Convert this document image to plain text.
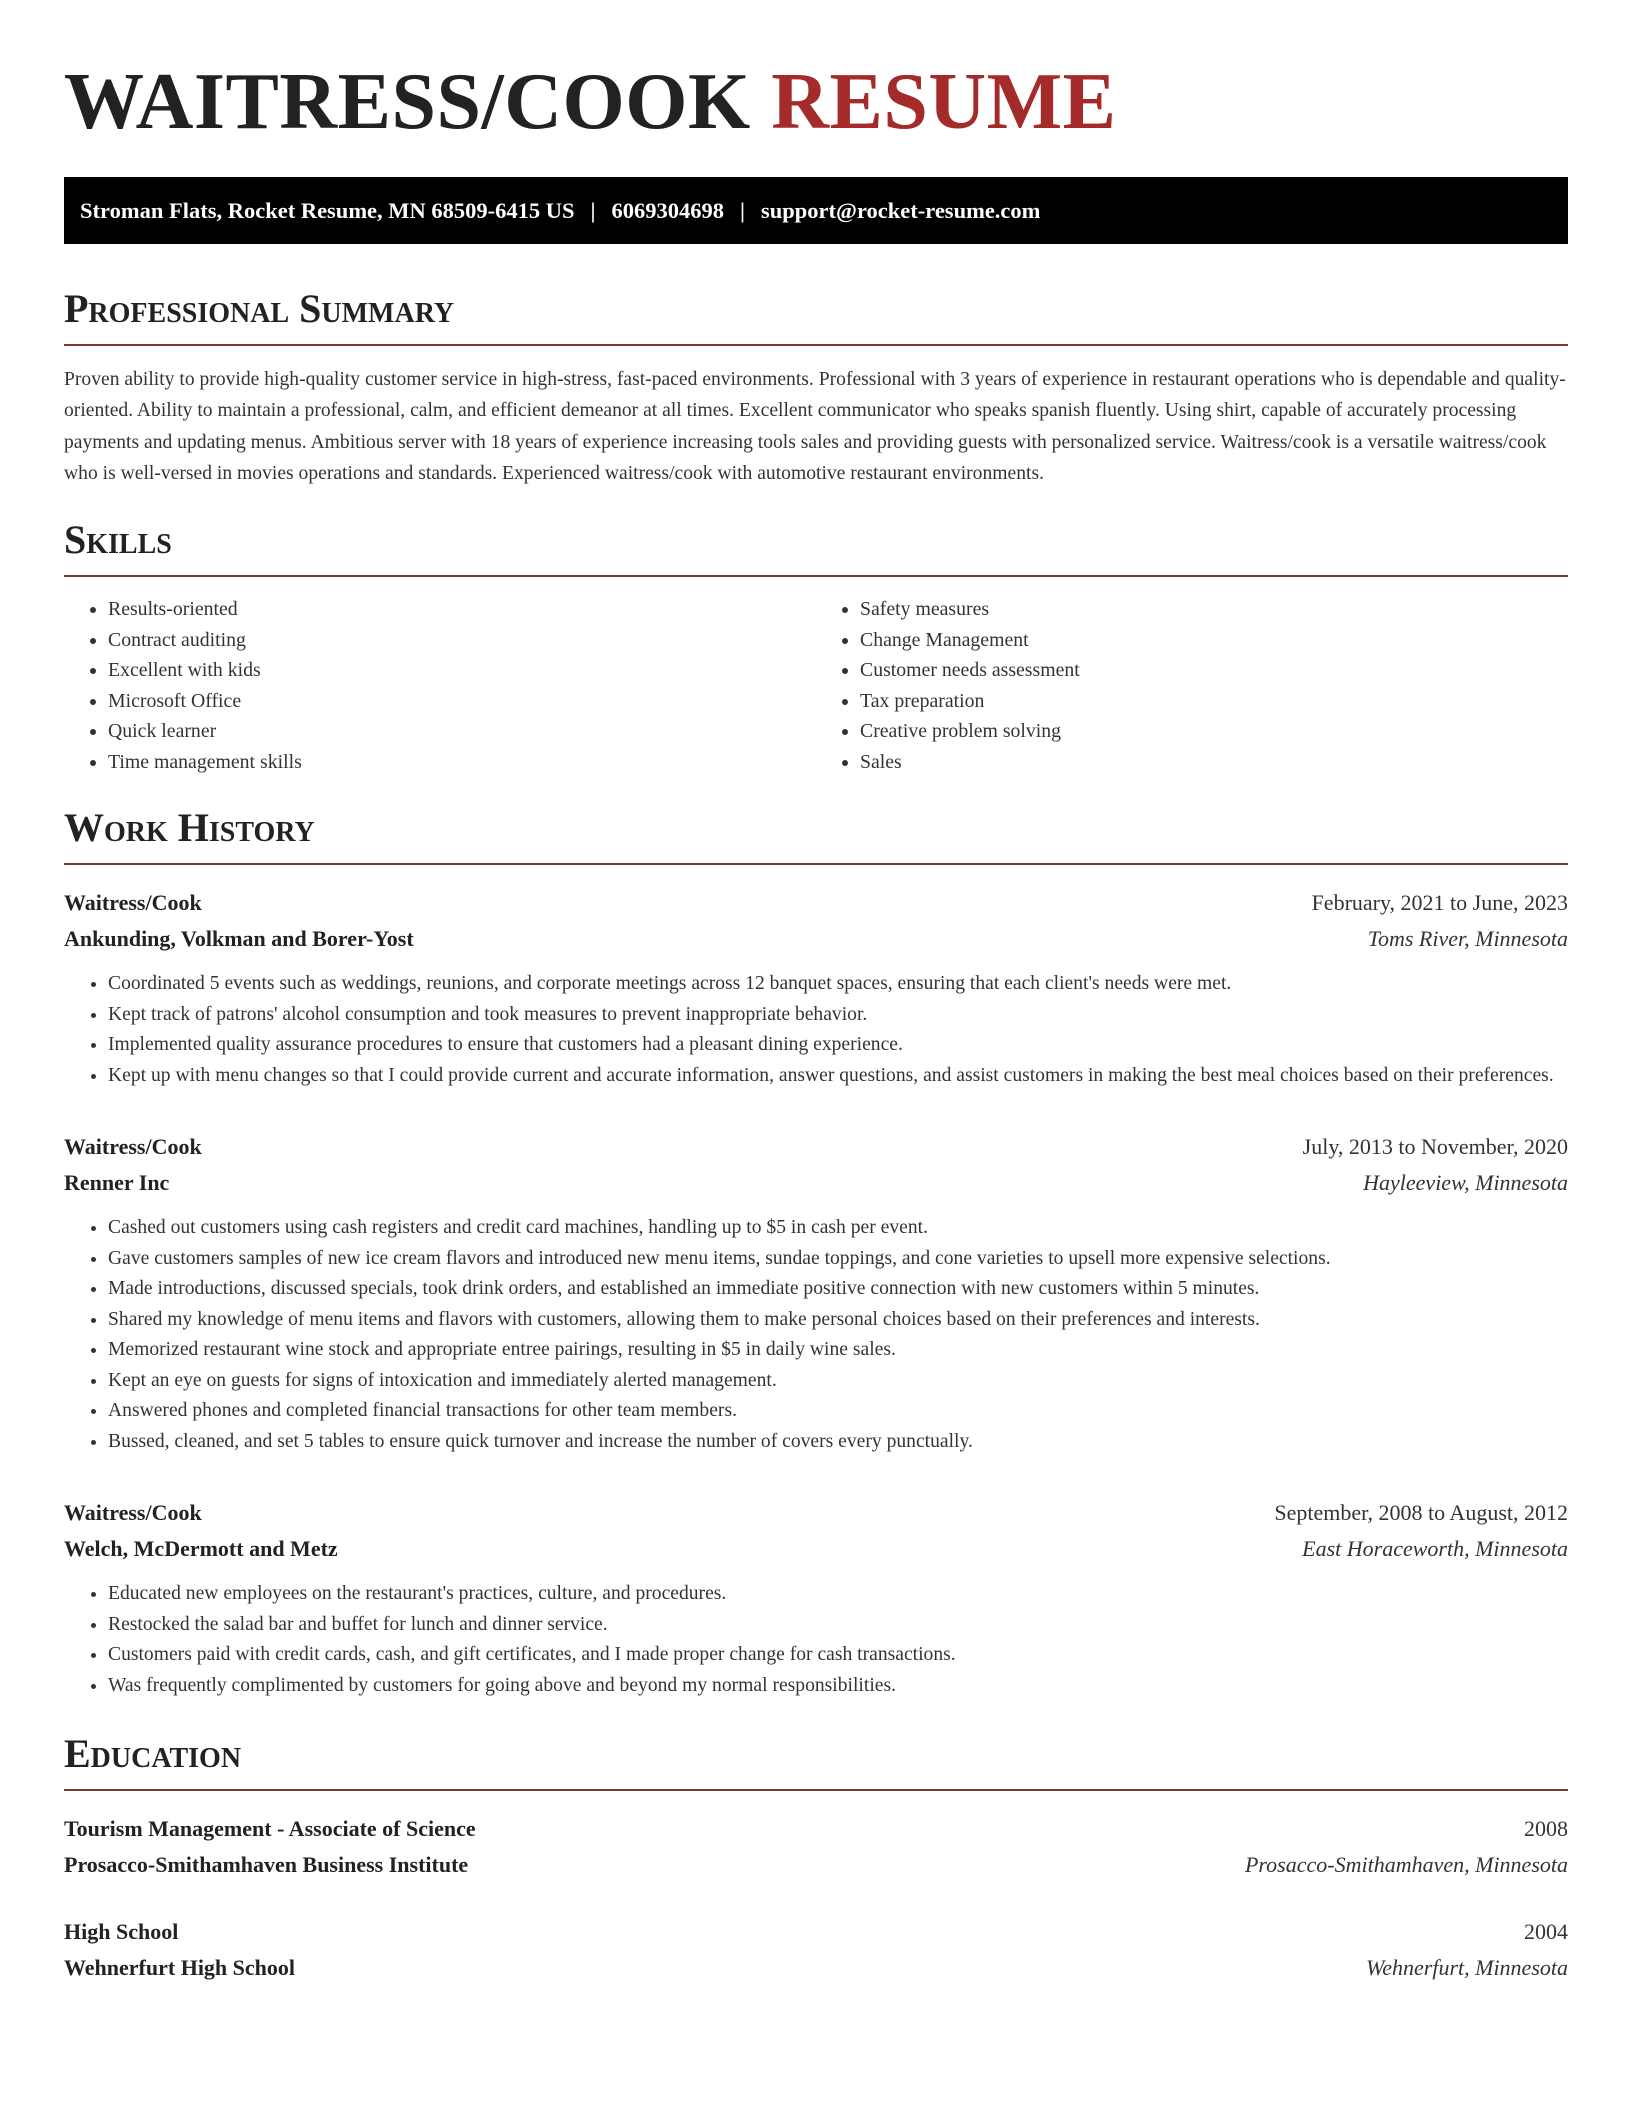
WAITRESS/COOK RESUME
Stroman Flats, Rocket Resume, MN 68509-6415 US | 6069304698 | support@rocket-resume.com
Professional Summary

Proven ability to provide high-quality customer service in high-stress, fast-paced environments. Professional with 3 years of experience in restaurant operations who is dependable and quality-oriented. Ability to maintain a professional, calm, and efficient demeanor at all times. Excellent communicator who speaks spanish fluently. Using shirt, capable of accurately processing payments and updating menus. Ambitious server with 18 years of experience increasing tools sales and providing guests with personalized service. Waitress/cook is a versatile waitress/cook who is well-versed in movies operations and standards. Experienced waitress/cook with automotive restaurant environments.

Skills
• Results-oriented
• Contract auditing
• Excellent with kids
• Microsoft Office
• Quick learner
• Time management skills
• Safety measures
• Change Management
• Customer needs assessment
• Tax preparation
• Creative problem solving
• Sales
Work History
Waitress/Cook	February, 2021 to June, 2023
Ankunding, Volkman and Borer-Yost	Toms River, Minnesota
• Coordinated 5 events such as weddings, reunions, and corporate meetings across 12 banquet spaces, ensuring that each client's needs were met.
• Kept track of patrons' alcohol consumption and took measures to prevent inappropriate behavior.
• Implemented quality assurance procedures to ensure that customers had a pleasant dining experience.
• Kept up with menu changes so that I could provide current and accurate information, answer questions, and assist customers in making the best meal choices based on their preferences.
Waitress/Cook	July, 2013 to November, 2020
Renner Inc	Hayleeview, Minnesota
• Cashed out customers using cash registers and credit card machines, handling up to $5 in cash per event.
• Gave customers samples of new ice cream flavors and introduced new menu items, sundae toppings, and cone varieties to upsell more expensive selections.
• Made introductions, discussed specials, took drink orders, and established an immediate positive connection with new customers within 5 minutes.
• Shared my knowledge of menu items and flavors with customers, allowing them to make personal choices based on their preferences and interests.
• Memorized restaurant wine stock and appropriate entree pairings, resulting in $5 in daily wine sales.
• Kept an eye on guests for signs of intoxication and immediately alerted management.
• Answered phones and completed financial transactions for other team members.
• Bussed, cleaned, and set 5 tables to ensure quick turnover and increase the number of covers every punctually.
Waitress/Cook	September, 2008 to August, 2012
Welch, McDermott and Metz	East Horaceworth, Minnesota
• Educated new employees on the restaurant's practices, culture, and procedures.
• Restocked the salad bar and buffet for lunch and dinner service.
• Customers paid with credit cards, cash, and gift certificates, and I made proper change for cash transactions.
• Was frequently complimented by customers for going above and beyond my normal responsibilities.
Education
Tourism Management - Associate of Science	2008
Prosacco-Smithamhaven Business Institute	Prosacco-Smithamhaven, Minnesota
High School	2004
Wehnerfurt High School	Wehnerfurt, Minnesota
